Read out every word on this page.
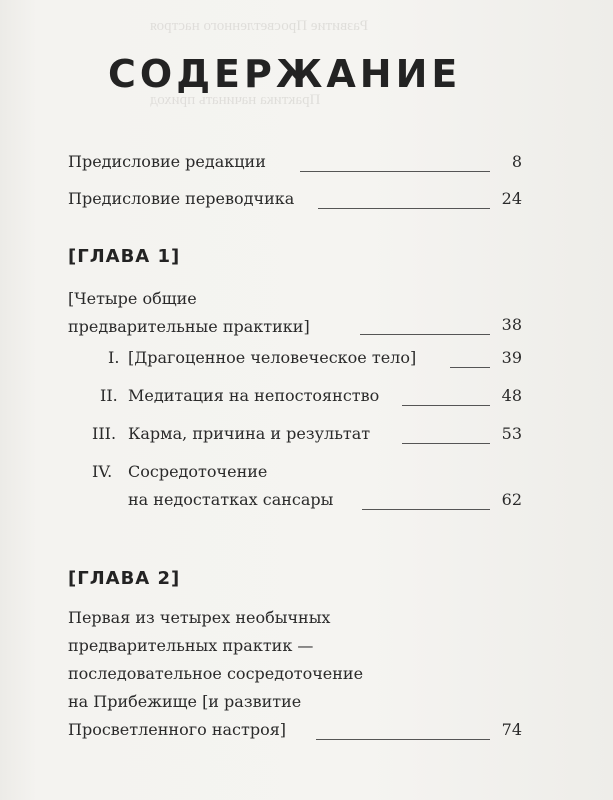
Развитие Просветленного настроя
Практика начинать приход
СОДЕРЖАНИЕ
Предисловие редакции	8
Предисловие переводчика	24
[ГЛАВА 1]
[Четыре общие
предварительные практики]	38
I. [Драгоценное человеческое тело]	39
II. Медитация на непостоянство	48
III. Карма, причина и результат	53
IV. Сосредоточение
на недостатках сансары	62
[ГЛАВА 2]
Первая из четырех необычных
предварительных практик —
последовательное сосредоточение
на Прибежище [и развитие
Просветленного настроя]	74
